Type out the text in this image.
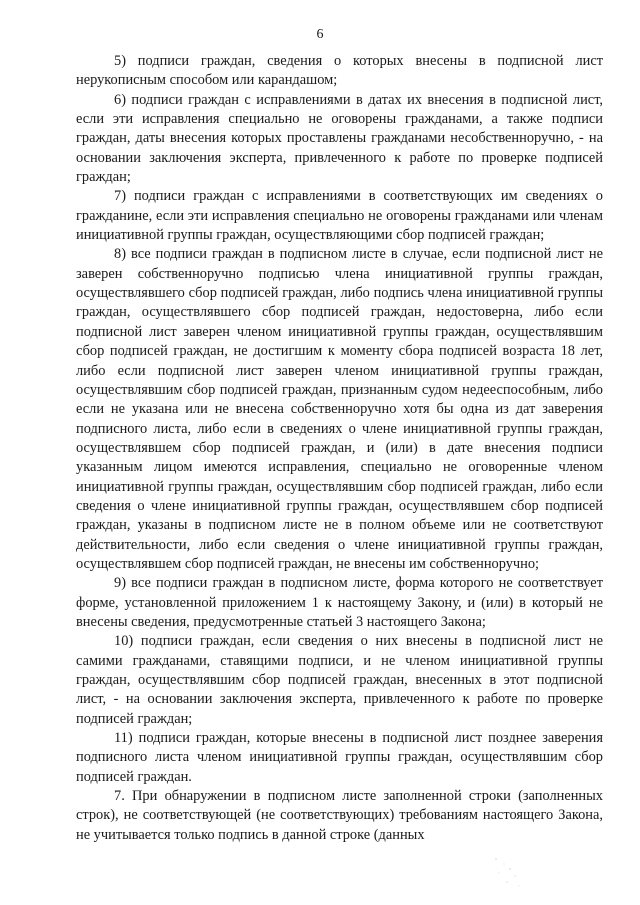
6

5) подписи граждан, сведения о которых внесены в подписной лист нерукописным способом или карандашом;

6) подписи граждан с исправлениями в датах их внесения в подписной лист, если эти исправления специально не оговорены гражданами, а также подписи граждан, даты внесения которых проставлены гражданами несобственноручно, - на основании заключения эксперта, привлеченного к работе по проверке подписей граждан;

7) подписи граждан с исправлениями в соответствующих им сведениях о гражданине, если эти исправления специально не оговорены гражданами или членам инициативной группы граждан, осуществляющими сбор подписей граждан;

8) все подписи граждан в подписном листе в случае, если подписной лист не заверен собственноручно подписью члена инициативной группы граждан, осуществлявшего сбор подписей граждан, либо подпись члена инициативной группы граждан, осуществлявшего сбор подписей граждан, недостоверна, либо если подписной лист заверен членом инициативной группы граждан, осуществлявшим сбор подписей граждан, не достигшим к моменту сбора подписей возраста 18 лет, либо если подписной лист заверен членом инициативной группы граждан, осуществлявшим сбор подписей граждан, признанным судом недееспособным, либо если не указана или не внесена собственноручно хотя бы одна из дат заверения подписного листа, либо если в сведениях о члене инициативной группы граждан, осуществлявшем сбор подписей граждан, и (или) в дате внесения подписи указанным лицом имеются исправления, специально не оговоренные членом инициативной группы граждан, осуществлявшим сбор подписей граждан, либо если сведения о члене инициативной группы граждан, осуществлявшем сбор подписей граждан, указаны в подписном листе не в полном объеме или не соответствуют действительности, либо если сведения о члене инициативной группы граждан, осуществлявшем сбор подписей граждан, не внесены им собственноручно;

9) все подписи граждан в подписном листе, форма которого не соответствует форме, установленной приложением 1 к настоящему Закону, и (или) в который не внесены сведения, предусмотренные статьей 3 настоящего Закона;

10) подписи граждан, если сведения о них внесены в подписной лист не самими гражданами, ставящими подписи, и не членом инициативной группы граждан, осуществлявшим сбор подписей граждан, внесенных в этот подписной лист, - на основании заключения эксперта, привлеченного к работе по проверке подписей граждан;

11) подписи граждан, которые внесены в подписной лист позднее заверения подписного листа членом инициативной группы граждан, осуществлявшим сбор подписей граждан.

7. При обнаружении в подписном листе заполненной строки (заполненных строк), не соответствующей (не соответствующих) требованиям настоящего Закона, не учитывается только подпись в данной строке (данных
